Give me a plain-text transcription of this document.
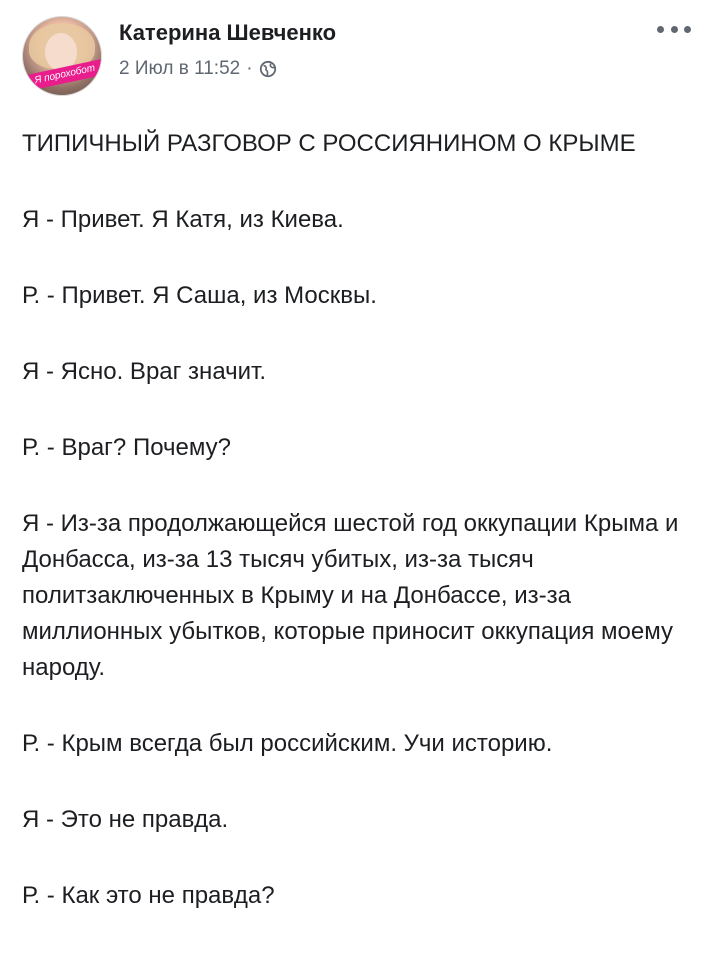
Я порохобот
Катерина Шевченко
2 Июл в 11:52 ·

ТИПИЧНЫЙ РАЗГОВОР С РОССИЯНИНОМ О КРЫМЕ

Я - Привет. Я Катя, из Киева.

Р. - Привет. Я Саша, из Москвы.

Я - Ясно. Враг значит.

Р. - Враг? Почему?

Я - Из-за продолжающейся шестой год оккупации Крыма и Донбасса, из-за 13 тысяч убитых, из-за тысяч политзаключенных в Крыму и на Донбассе, из-за миллионных убытков, которые приносит оккупация моему народу.

Р. - Крым всегда был российским. Учи историю.

Я - Это не правда.

Р. - Как это не правда?
